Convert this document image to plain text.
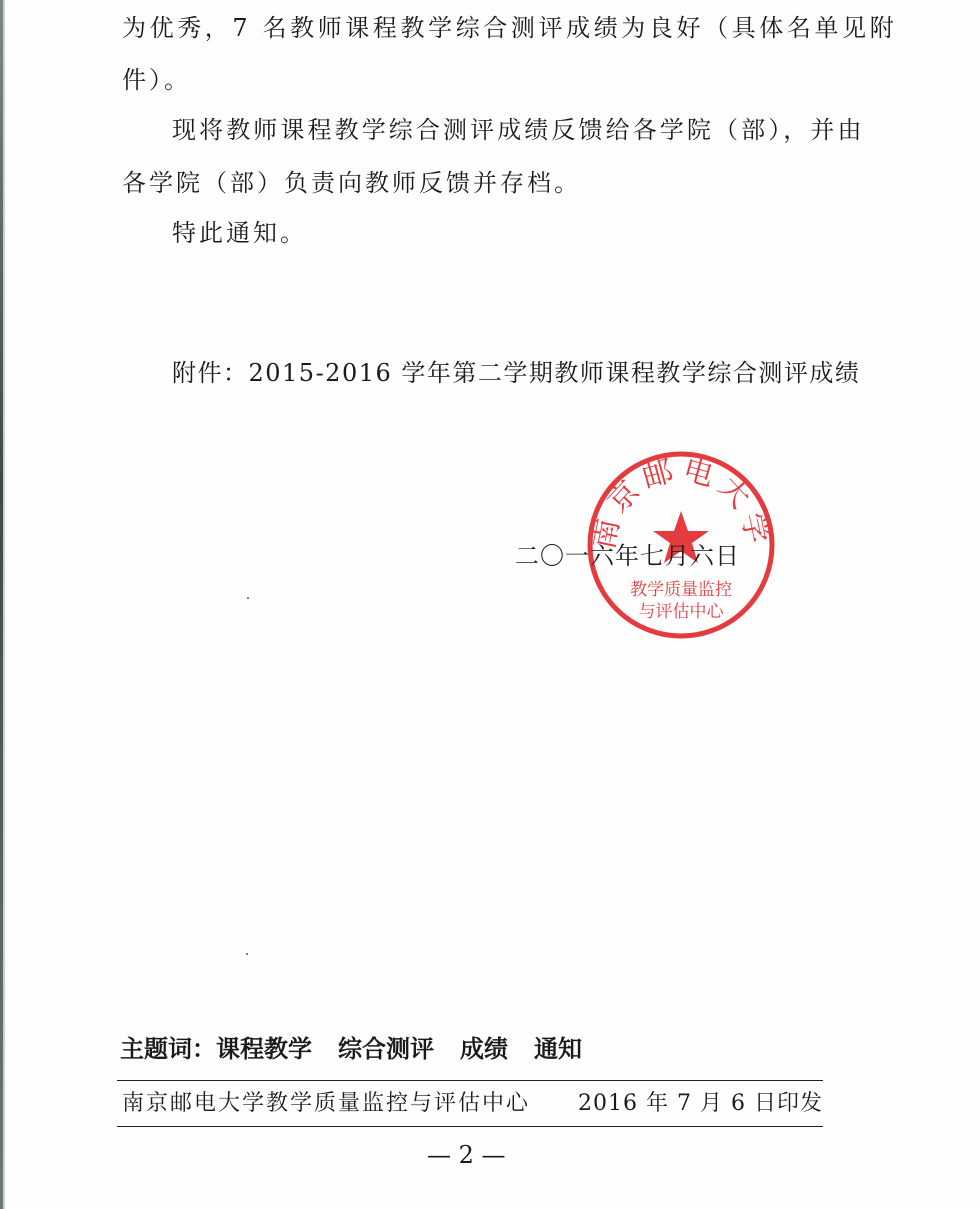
为优秀，7 名教师课程教学综合测评成绩为良好（具体名单见附
件）。
现将教师课程教学综合测评成绩反馈给各学院（部），并由
各学院（部）负责向教师反馈并存档。
特此通知。
附件：2015-2016 学年第二学期教师课程教学综合测评成绩
南京邮电大学
教学质量监控
与评估中心
二〇一六年七月六日
主题词：课程教学 综合测评 成绩 通知
南京邮电大学教学质量监控与评估中心 2016 年 7 月 6 日印发
— 2 —
